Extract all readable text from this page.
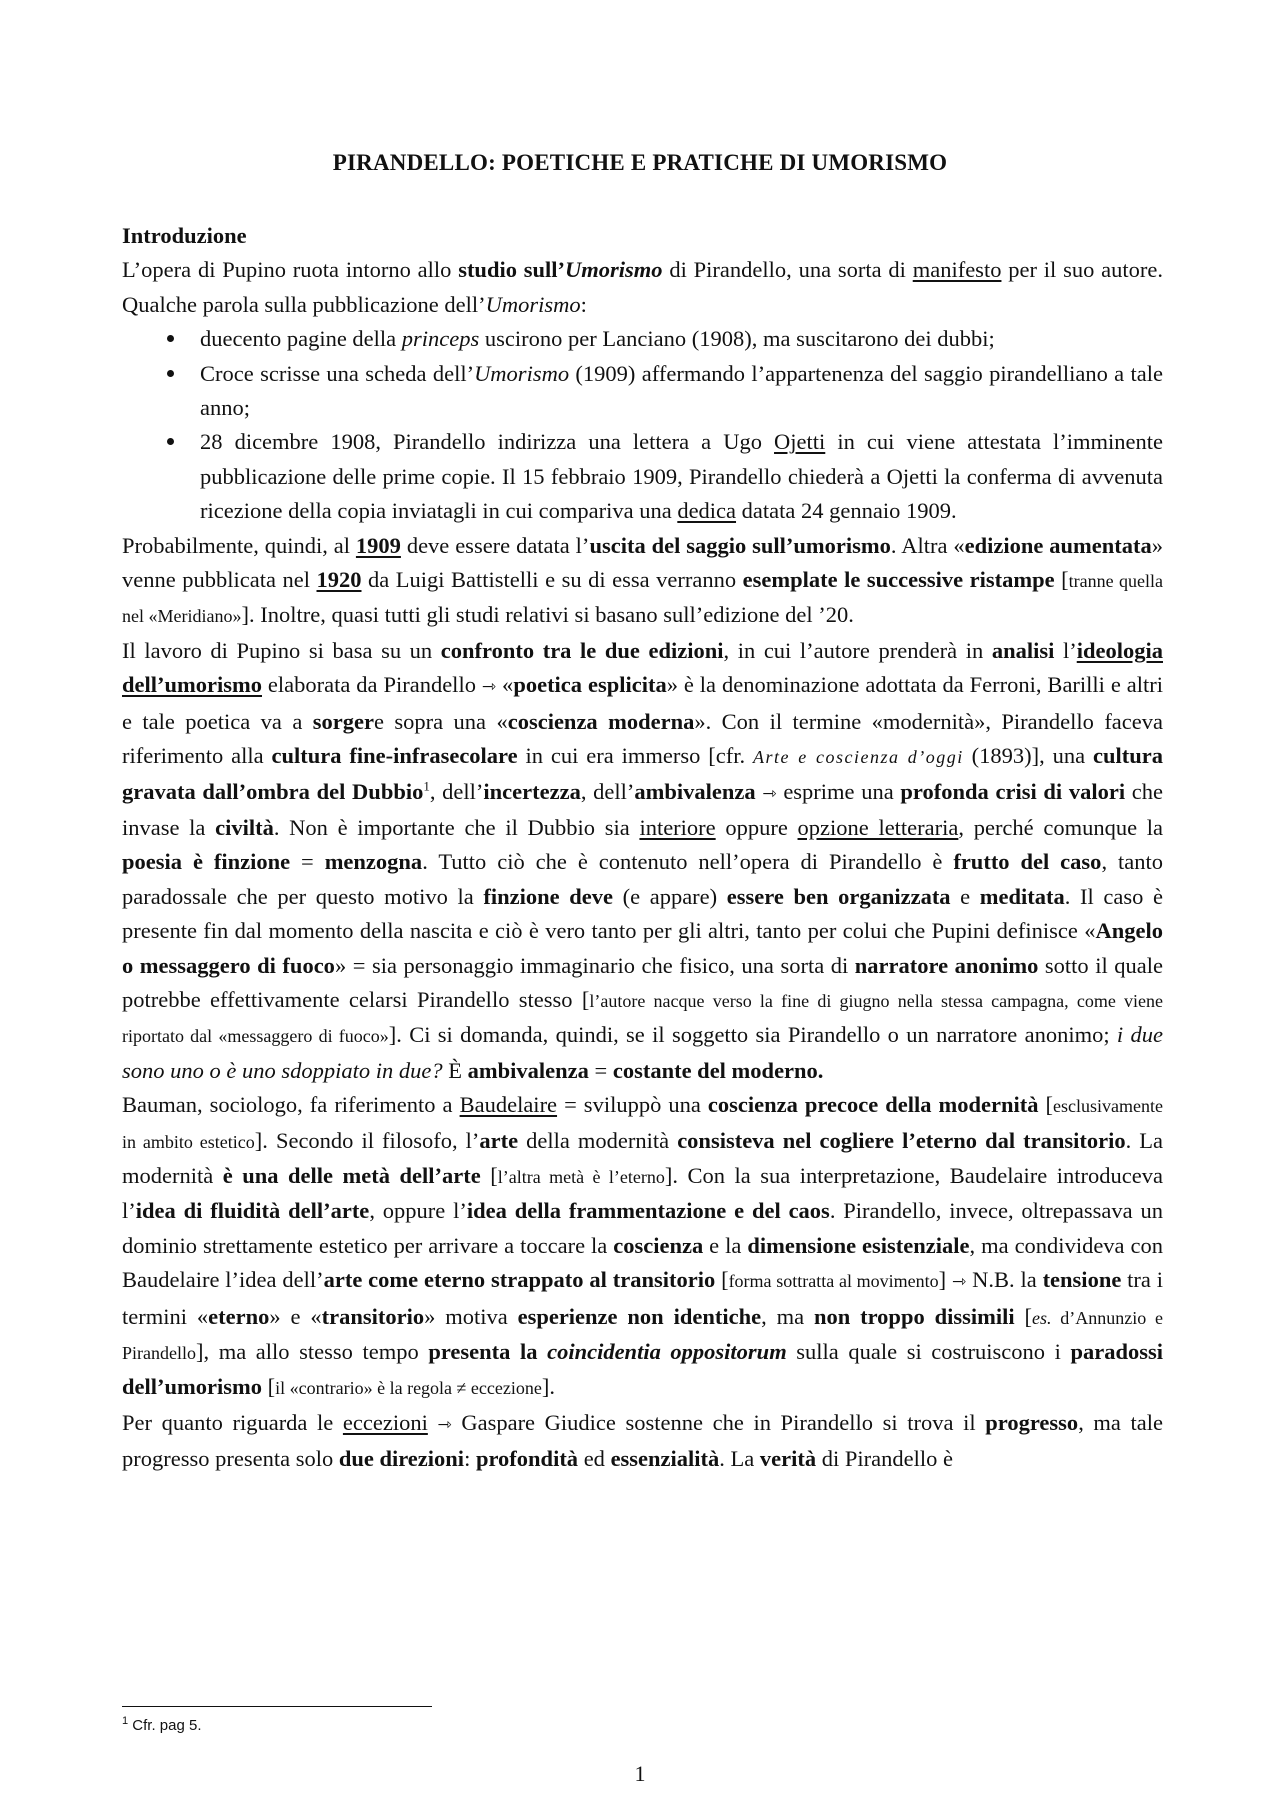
PIRANDELLO: POETICHE E PRATICHE DI UMORISMO

Introduzione

L’opera di Pupino ruota intorno allo studio sull’Umorismo di Pirandello, una sorta di manifesto per il suo autore. Qualche parola sulla pubblicazione dell’Umorismo:

duecento pagine della princeps uscirono per Lanciano (1908), ma suscitarono dei dubbi;
Croce scrisse una scheda dell’Umorismo (1909) affermando l’appartenenza del saggio pirandelliano a tale anno;
28 dicembre 1908, Pirandello indirizza una lettera a Ugo Ojetti in cui viene attestata l’imminente pubblicazione delle prime copie. Il 15 febbraio 1909, Pirandello chiederà a Ojetti la conferma di avvenuta ricezione della copia inviatagli in cui compariva una dedica datata 24 gennaio 1909.

Probabilmente, quindi, al 1909 deve essere datata l’uscita del saggio sull’umorismo. Altra «edizione aumentata» venne pubblicata nel 1920 da Luigi Battistelli e su di essa verranno esemplate le successive ristampe [tranne quella nel «Meridiano»]. Inoltre, quasi tutti gli studi relativi si basano sull’edizione del ’20.

Il lavoro di Pupino si basa su un confronto tra le due edizioni, in cui l’autore prenderà in analisi l’ideologia dell’umorismo elaborata da Pirandello ⇾ «poetica esplicita» è la denominazione adottata da Ferroni, Barilli e altri e tale poetica va a sorgere sopra una «coscienza moderna». Con il termine «modernità», Pirandello faceva riferimento alla cultura fine-infrasecolare in cui era immerso [cfr. Arte e coscienza d’oggi (1893)], una cultura gravata dall’ombra del Dubbio$^1$, dell’incertezza, dell’ambivalenza ⇾ esprime una profonda crisi di valori che invase la civiltà. Non è importante che il Dubbio sia interiore oppure opzione letteraria, perché comunque la poesia è finzione = menzogna. Tutto ciò che è contenuto nell’opera di Pirandello è frutto del caso, tanto paradossale che per questo motivo la finzione deve (e appare) essere ben organizzata e meditata. Il caso è presente fin dal momento della nascita e ciò è vero tanto per gli altri, tanto per colui che Pupini definisce «Angelo o messaggero di fuoco» = sia personaggio immaginario che fisico, una sorta di narratore anonimo sotto il quale potrebbe effettivamente celarsi Pirandello stesso [l’autore nacque verso la fine di giugno nella stessa campagna, come viene riportato dal «messaggero di fuoco»]. Ci si domanda, quindi, se il soggetto sia Pirandello o un narratore anonimo; i due sono uno o è uno sdoppiato in due? È ambivalenza = costante del moderno.

Bauman, sociologo, fa riferimento a Baudelaire = sviluppò una coscienza precoce della modernità [esclusivamente in ambito estetico]. Secondo il filosofo, l’arte della modernità consisteva nel cogliere l’eterno dal transitorio. La modernità è una delle metà dell’arte [l’altra metà è l’eterno]. Con la sua interpretazione, Baudelaire introduceva l’idea di fluidità dell’arte, oppure l’idea della frammentazione e del caos. Pirandello, invece, oltrepassava un dominio strettamente estetico per arrivare a toccare la coscienza e la dimensione esistenziale, ma condivideva con Baudelaire l’idea dell’arte come eterno strappato al transitorio [forma sottratta al movimento] ⇾ N.B. la tensione tra i termini «eterno» e «transitorio» motiva esperienze non identiche, ma non troppo dissimili [es. d’Annunzio e Pirandello], ma allo stesso tempo presenta la coincidentia oppositorum sulla quale si costruiscono i paradossi dell’umorismo [il «contrario» è la regola ≠ eccezione].

Per quanto riguarda le eccezioni ⇾ Gaspare Giudice sostenne che in Pirandello si trova il progresso, ma tale progresso presenta solo due direzioni: profondità ed essenzialità. La verità di Pirandello è

$^1$ Cfr. pag 5.
1
